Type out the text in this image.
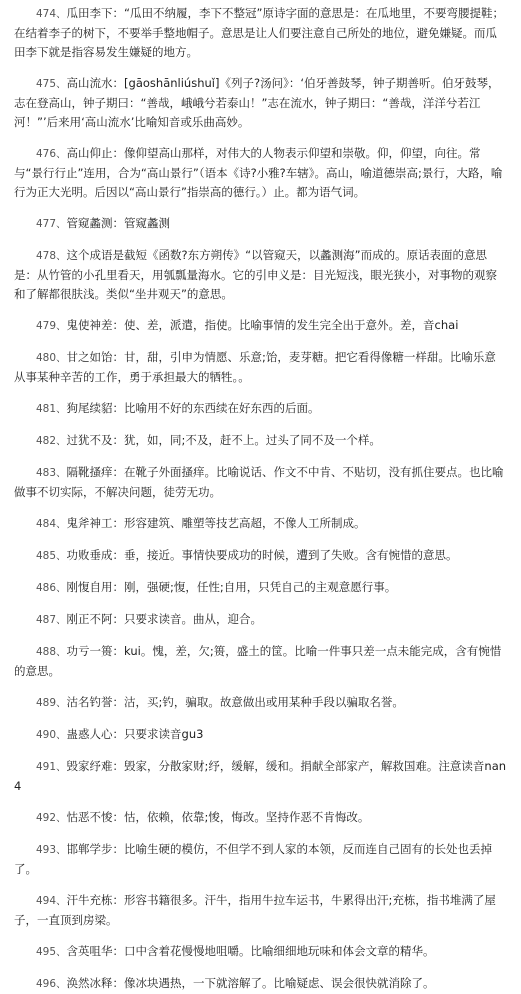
474、瓜田李下：“瓜田不纳履，李下不整冠”原诗字面的意思是：在瓜地里，不要弯腰提鞋；在结着李子的树下，不要举手整地帽子。意思是让人们要注意自己所处的地位，避免嫌疑。而瓜田李下就是指容易发生嫌疑的地方。

475、高山流水：[gāoshānliúshuǐ]《列子?汤问》：‘伯牙善鼓琴，钟子期善听。伯牙鼓琴，志在登高山，钟子期曰：“善哉，峨峨兮若泰山！”志在流水，钟子期曰：“善哉，洋洋兮若江河！”’后来用‘高山流水’比喻知音或乐曲高妙。

476、高山仰止：像仰望高山那样，对伟大的人物表示仰望和崇敬。仰，仰望，向往。常与“景行行止”连用，合为“高山景行”（语本《诗?小雅?车辖》。高山，喻道德崇高;景行，大路，喻行为正大光明。后因以“高山景行”指崇高的德行。）止。都为语气词。

477、管窥蠡测：管窥蠡测

478、这个成语是截短《函数?东方朔传》“以管窥天，以蠡测海”而成的。原话表面的意思是：从竹管的小孔里看天，用瓠瓢量海水。它的引申义是：目光短浅，眼光狭小，对事物的观察和了解都很肤浅。类似“坐井观天”的意思。

479、鬼使神差：使、差，派遣，指使。比喻事情的发生完全出于意外。差，音chai

480、甘之如饴：甘，甜，引申为情愿、乐意;饴，麦芽糖。把它看得像糖一样甜。比喻乐意从事某种辛苦的工作，勇于承担最大的牺牲。。

481、狗尾续貂：比喻用不好的东西续在好东西的后面。

482、过犹不及：犹，如，同;不及，赶不上。过头了同不及一个样。

483、隔靴搔痒：在靴子外面搔痒。比喻说话、作文不中肯、不贴切，没有抓住要点。也比喻做事不切实际，不解决问题，徒劳无功。

484、鬼斧神工：形容建筑、雕塑等技艺高超，不像人工所制成。

485、功败垂成：垂，接近。事情快要成功的时候，遭到了失败。含有惋惜的意思。

486、刚愎自用：刚，强硬;愎，任性;自用，只凭自己的主观意愿行事。

487、刚正不阿：只要求读音。曲从，迎合。

488、功亏一篑：kui。愧，差，欠;篑，盛土的筐。比喻一件事只差一点未能完成，含有惋惜的意思。

489、沽名钓誉：沽，买;钓，骗取。故意做出或用某种手段以骗取名誉。

490、蛊惑人心：只要求读音gu3

491、毁家纾难：毁家，分散家财;纾，缓解，缓和。捐献全部家产，解救国难。注意读音nan4

492、怙恶不悛：怙，依赖，依靠;悛，悔改。坚持作恶不肯悔改。

493、邯郸学步：比喻生硬的模仿，不但学不到人家的本领，反而连自己固有的长处也丢掉了。

494、汗牛充栋：形容书籍很多。汗牛，指用牛拉车运书，牛累得出汗;充栋，指书堆满了屋子，一直顶到房梁。

495、含英咀华：口中含着花慢慢地咀嚼。比喻细细地玩味和体会文章的精华。

496、涣然冰释：像冰块遇热，一下就溶解了。比喻疑虑、误会很快就消除了。
